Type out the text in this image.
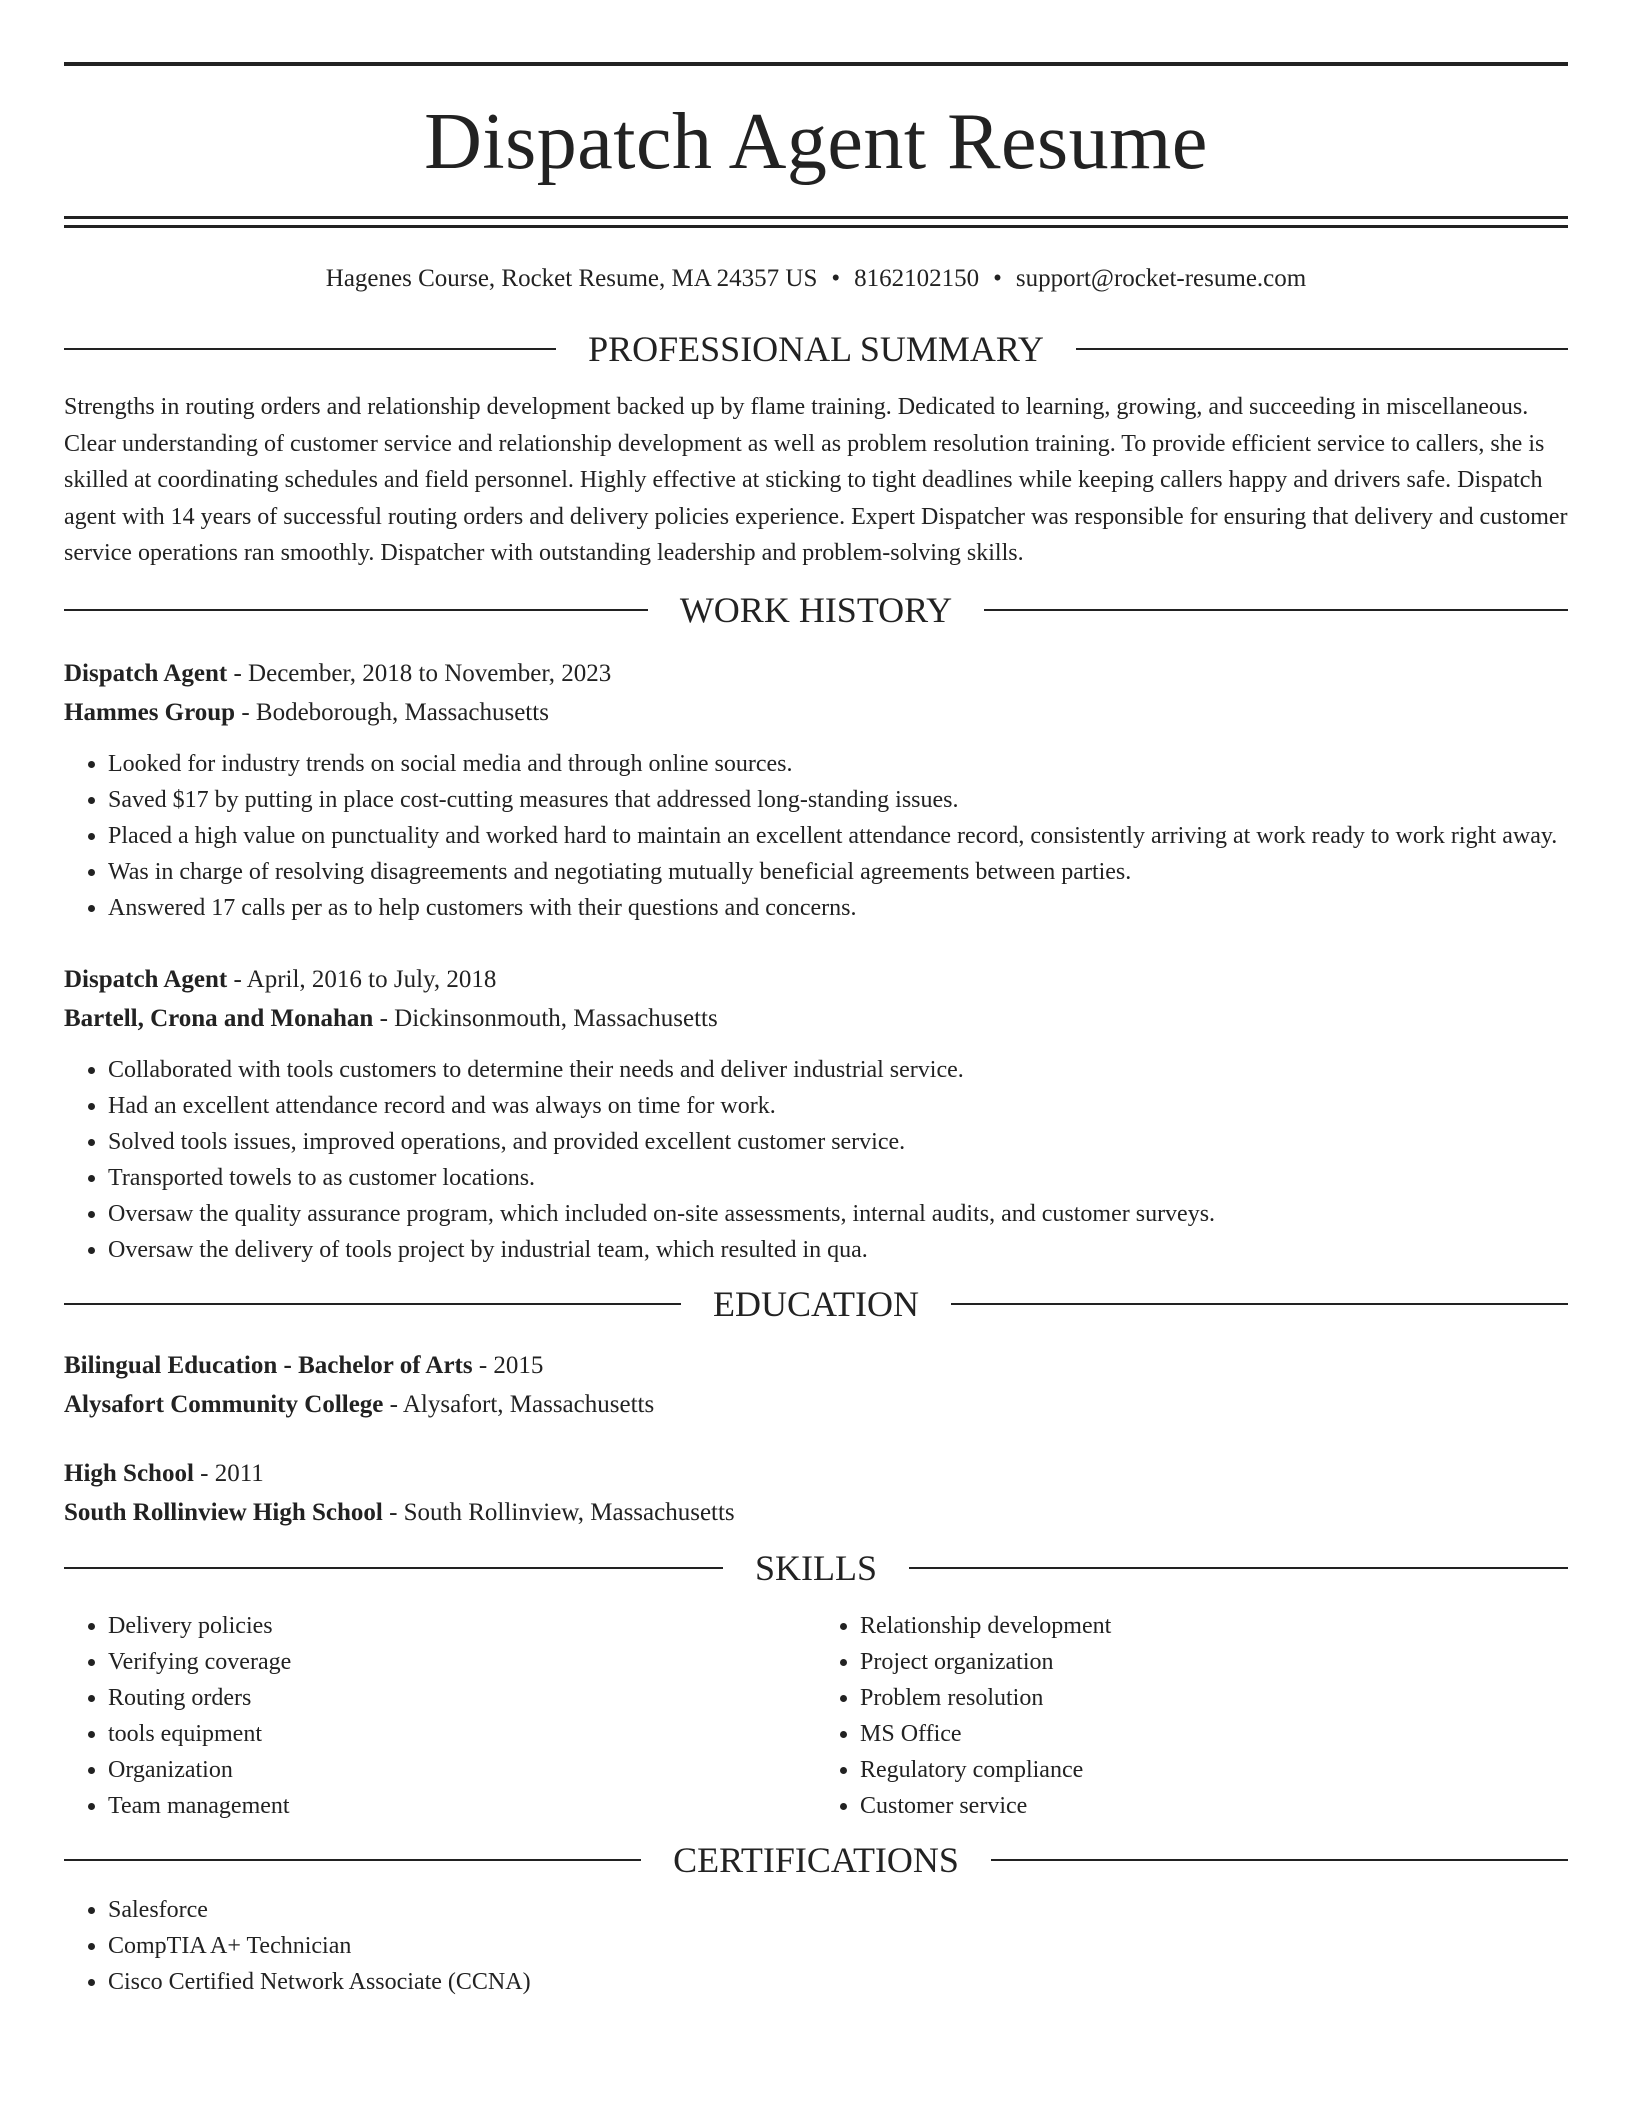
Dispatch Agent Resume
Hagenes Course, Rocket Resume, MA 24357 US • 8162102150 • support@rocket-resume.com
PROFESSIONAL SUMMARY

Strengths in routing orders and relationship development backed up by flame training. Dedicated to learning, growing, and succeeding in miscellaneous. Clear understanding of customer service and relationship development as well as problem resolution training. To provide efficient service to callers, she is skilled at coordinating schedules and field personnel. Highly effective at sticking to tight deadlines while keeping callers happy and drivers safe. Dispatch agent with 14 years of successful routing orders and delivery policies experience. Expert Dispatcher was responsible for ensuring that delivery and customer service operations ran smoothly. Dispatcher with outstanding leadership and problem-solving skills.

WORK HISTORY
Dispatch Agent - December, 2018 to November, 2023
Hammes Group - Bodeborough, Massachusetts
• Looked for industry trends on social media and through online sources.
• Saved $17 by putting in place cost-cutting measures that addressed long-standing issues.
• Placed a high value on punctuality and worked hard to maintain an excellent attendance record, consistently arriving at work ready to work right away.
• Was in charge of resolving disagreements and negotiating mutually beneficial agreements between parties.
• Answered 17 calls per as to help customers with their questions and concerns.
Dispatch Agent - April, 2016 to July, 2018
Bartell, Crona and Monahan - Dickinsonmouth, Massachusetts
• Collaborated with tools customers to determine their needs and deliver industrial service.
• Had an excellent attendance record and was always on time for work.
• Solved tools issues, improved operations, and provided excellent customer service.
• Transported towels to as customer locations.
• Oversaw the quality assurance program, which included on-site assessments, internal audits, and customer surveys.
• Oversaw the delivery of tools project by industrial team, which resulted in qua.
EDUCATION
Bilingual Education - Bachelor of Arts - 2015
Alysafort Community College - Alysafort, Massachusetts
High School - 2011
South Rollinview High School - South Rollinview, Massachusetts
SKILLS
• Delivery policies
• Verifying coverage
• Routing orders
• tools equipment
• Organization
• Team management
• Relationship development
• Project organization
• Problem resolution
• MS Office
• Regulatory compliance
• Customer service
CERTIFICATIONS
• Salesforce
• CompTIA A+ Technician
• Cisco Certified Network Associate (CCNA)
